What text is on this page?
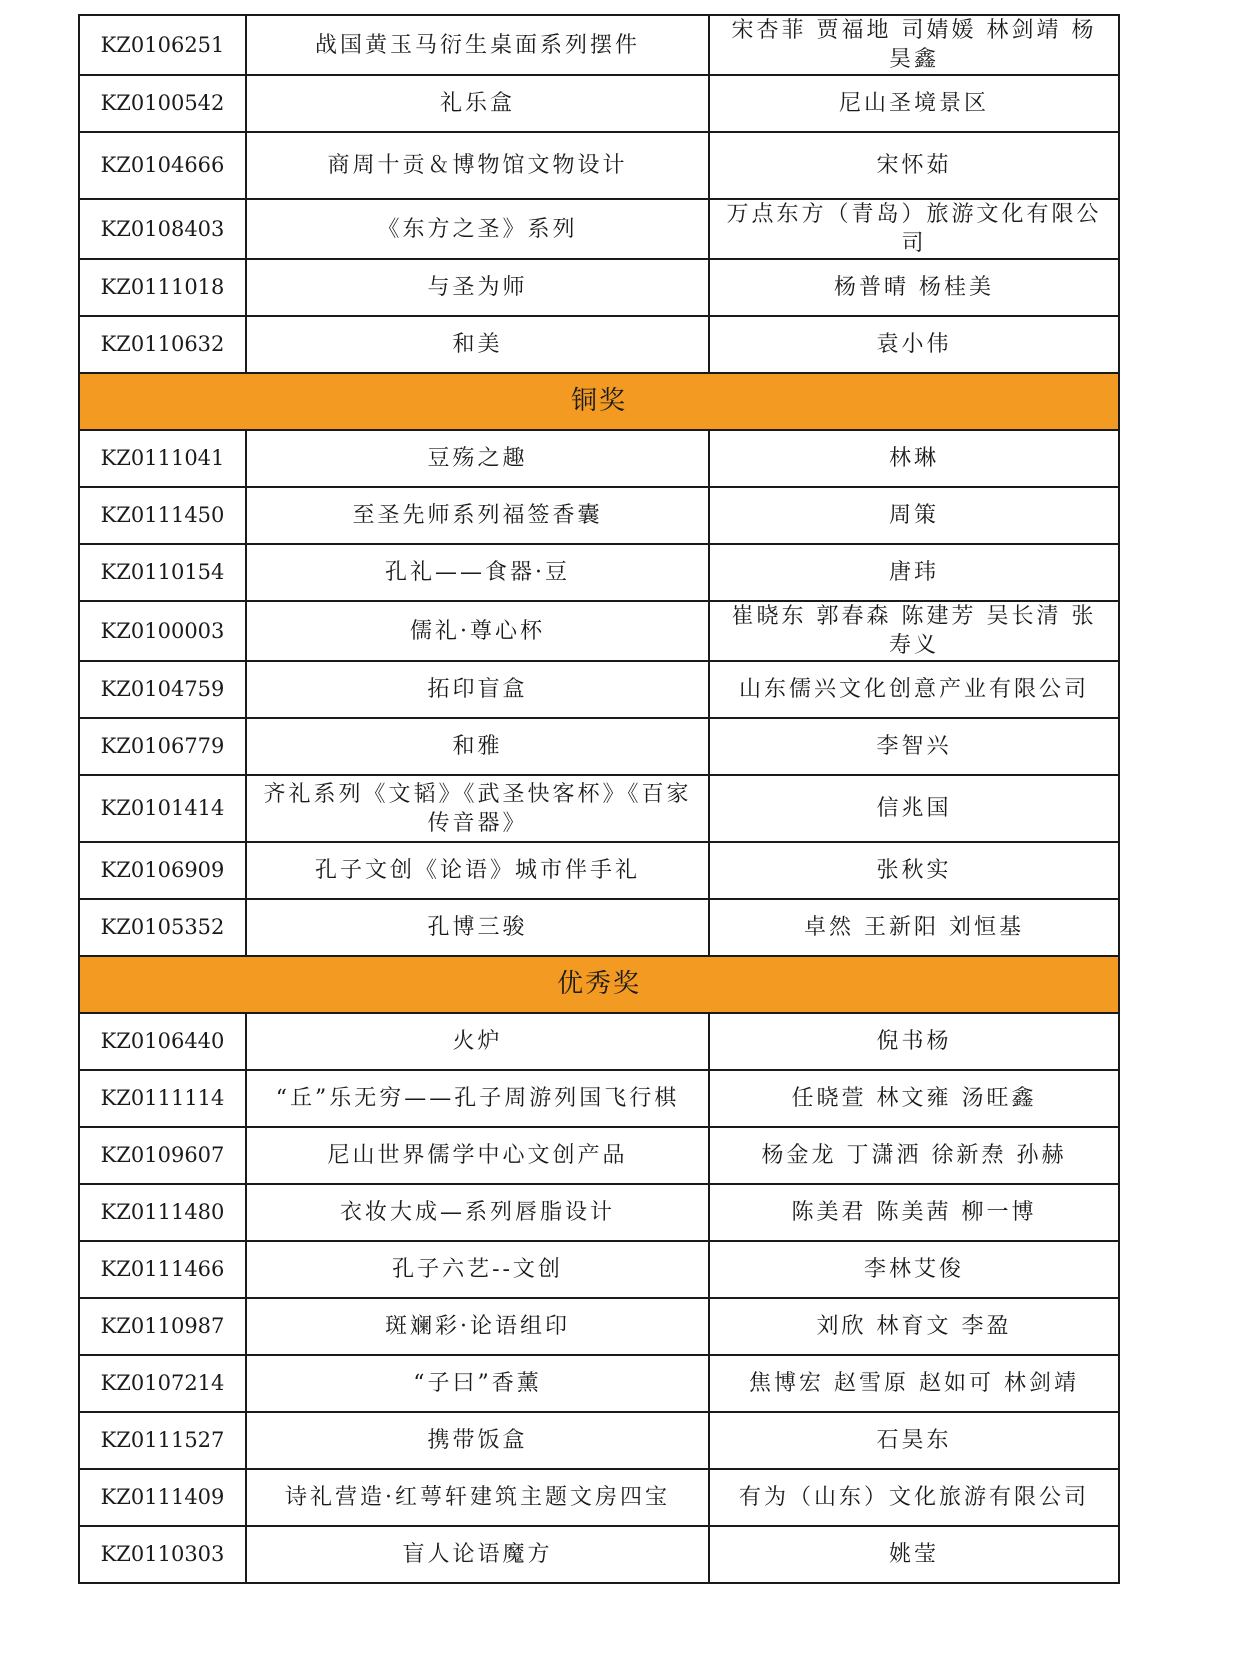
KZ0106251	战国黄玉马衍生桌面系列摆件	宋杏菲 贾福地 司婧媛 林剑靖 杨昊鑫
KZ0100542	礼乐盒	尼山圣境景区
KZ0104666	商周十贡＆博物馆文物设计	宋怀茹
KZ0108403	《东方之圣》系列	万点东方（青岛）旅游文化有限公司
KZ0111018	与圣为师	杨普晴 杨桂美
KZ0110632	和美	袁小伟
铜奖		
KZ0111041	豆殇之趣	林琳
KZ0111450	至圣先师系列福签香囊	周策
KZ0110154	孔礼——食器·豆	唐玮
KZ0100003	儒礼·尊心杯	崔晓东 郭春森 陈建芳 吴长清 张寿义
KZ0104759	拓印盲盒	山东儒兴文化创意产业有限公司
KZ0106779	和雅	李智兴
KZ0101414	齐礼系列《文韬》《武圣快客杯》《百家传音器》	信兆国
KZ0106909	孔子文创《论语》城市伴手礼	张秋实
KZ0105352	孔博三骏	卓然 王新阳 刘恒基
优秀奖		
KZ0106440	火炉	倪书杨
KZ0111114	“丘”乐无穷——孔子周游列国飞行棋	任晓萱 林文雍 汤旺鑫
KZ0109607	尼山世界儒学中心文创产品	杨金龙 丁潇洒 徐新焘 孙赫
KZ0111480	衣妆大成—系列唇脂设计	陈美君 陈美茜 柳一博
KZ0111466	孔子六艺--文创	李林艾俊
KZ0110987	斑斓彩·论语组印	刘欣 林育文 李盈
KZ0107214	“子曰”香薰	焦博宏 赵雪原 赵如可 林剑靖
KZ0111527	携带饭盒	石昊东
KZ0111409	诗礼营造·红萼轩建筑主题文房四宝	有为（山东）文化旅游有限公司
KZ0110303	盲人论语魔方	姚莹
